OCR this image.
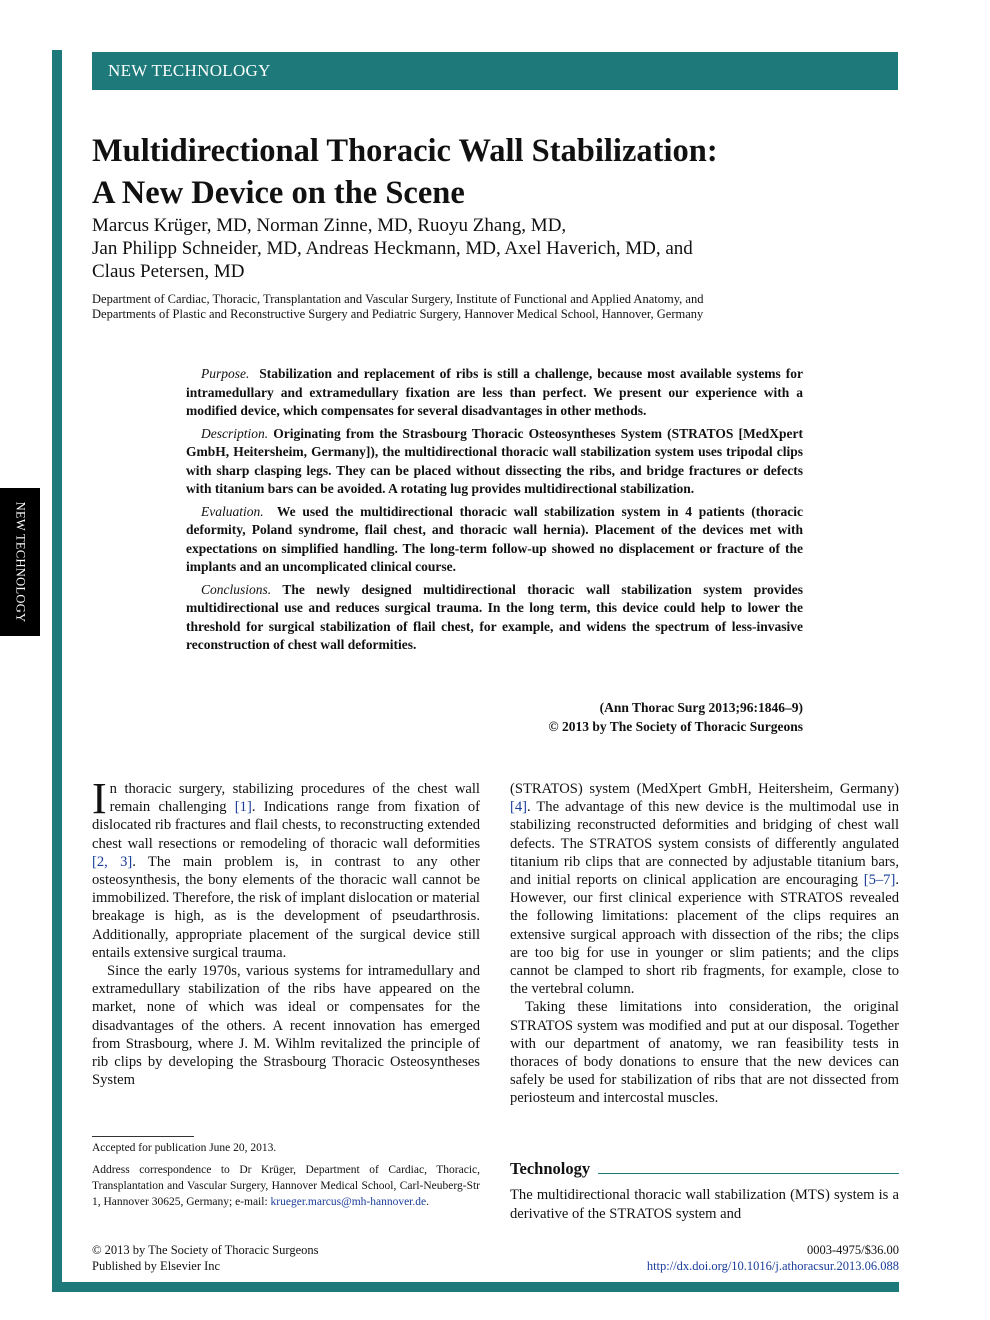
NEW TECHNOLOGY
NEW TECHNOLOGY
Multidirectional Thoracic Wall Stabilization:
A New Device on the Scene
Marcus Krüger, MD, Norman Zinne, MD, Ruoyu Zhang, MD,
Jan Philipp Schneider, MD, Andreas Heckmann, MD, Axel Haverich, MD, and
Claus Petersen, MD
Department of Cardiac, Thoracic, Transplantation and Vascular Surgery, Institute of Functional and Applied Anatomy, and
Departments of Plastic and Reconstructive Surgery and Pediatric Surgery, Hannover Medical School, Hannover, Germany

Purpose. Stabilization and replacement of ribs is still a challenge, because most available systems for intramedullary and extramedullary fixation are less than perfect. We present our experience with a modified device, which compensates for several disadvantages in other methods.

Description. Originating from the Strasbourg Thoracic Osteosyntheses System (STRATOS [MedXpert GmbH, Heitersheim, Germany]), the multidirectional thoracic wall stabilization system uses tripodal clips with sharp clasping legs. They can be placed without dissecting the ribs, and bridge fractures or defects with titanium bars can be avoided. A rotating lug provides multidirectional stabilization.

Evaluation. We used the multidirectional thoracic wall stabilization system in 4 patients (thoracic deformity, Poland syndrome, flail chest, and thoracic wall hernia). Placement of the devices met with expectations on simplified handling. The long-term follow-up showed no displacement or fracture of the implants and an uncomplicated clinical course.

Conclusions. The newly designed multidirectional thoracic wall stabilization system provides multidirectional use and reduces surgical trauma. In the long term, this device could help to lower the threshold for surgical stabilization of flail chest, for example, and widens the spectrum of less-invasive reconstruction of chest wall deformities.

(Ann Thorac Surg 2013;96:1846–9)
© 2013 by The Society of Thoracic Surgeons

In thoracic surgery, stabilizing procedures of the chest wall remain challenging [1]. Indications range from fixation of dislocated rib fractures and flail chests, to reconstructing extended chest wall resections or remodeling of thoracic wall deformities [2, 3]. The main problem is, in contrast to any other osteosynthesis, the bony elements of the thoracic wall cannot be immobilized. Therefore, the risk of implant dislocation or material breakage is high, as is the development of pseudarthrosis. Additionally, appropriate placement of the surgical device still entails extensive surgical trauma.

Since the early 1970s, various systems for intramedullary and extramedullary stabilization of the ribs have appeared on the market, none of which was ideal or compensates for the disadvantages of the others. A recent innovation has emerged from Strasbourg, where J. M. Wihlm revitalized the principle of rib clips by developing the Strasbourg Thoracic Osteosyntheses System

(STRATOS) system (MedXpert GmbH, Heitersheim, Germany) [4]. The advantage of this new device is the multimodal use in stabilizing reconstructed deformities and bridging of chest wall defects. The STRATOS system consists of differently angulated titanium rib clips that are connected by adjustable titanium bars, and initial reports on clinical application are encouraging [5–7]. However, our first clinical experience with STRATOS revealed the following limitations: placement of the clips requires an extensive surgical approach with dissection of the ribs; the clips are too big for use in younger or slim patients; and the clips cannot be clamped to short rib fragments, for example, close to the vertebral column.

Taking these limitations into consideration, the original STRATOS system was modified and put at our disposal. Together with our department of anatomy, we ran feasibility tests in thoraces of body donations to ensure that the new devices can safely be used for stabilization of ribs that are not dissected from periosteum and intercostal muscles.

Accepted for publication June 20, 2013.
Address correspondence to Dr Krüger, Department of Cardiac, Thoracic, Transplantation and Vascular Surgery, Hannover Medical School, Carl-Neuberg-Str 1, Hannover 30625, Germany; e-mail: krueger.marcus@mh-hannover.de.
Technology
The multidirectional thoracic wall stabilization (MTS) system is a derivative of the STRATOS system and
© 2013 by The Society of Thoracic Surgeons
Published by Elsevier Inc
0003-4975/$36.00
http://dx.doi.org/10.1016/j.athoracsur.2013.06.088
